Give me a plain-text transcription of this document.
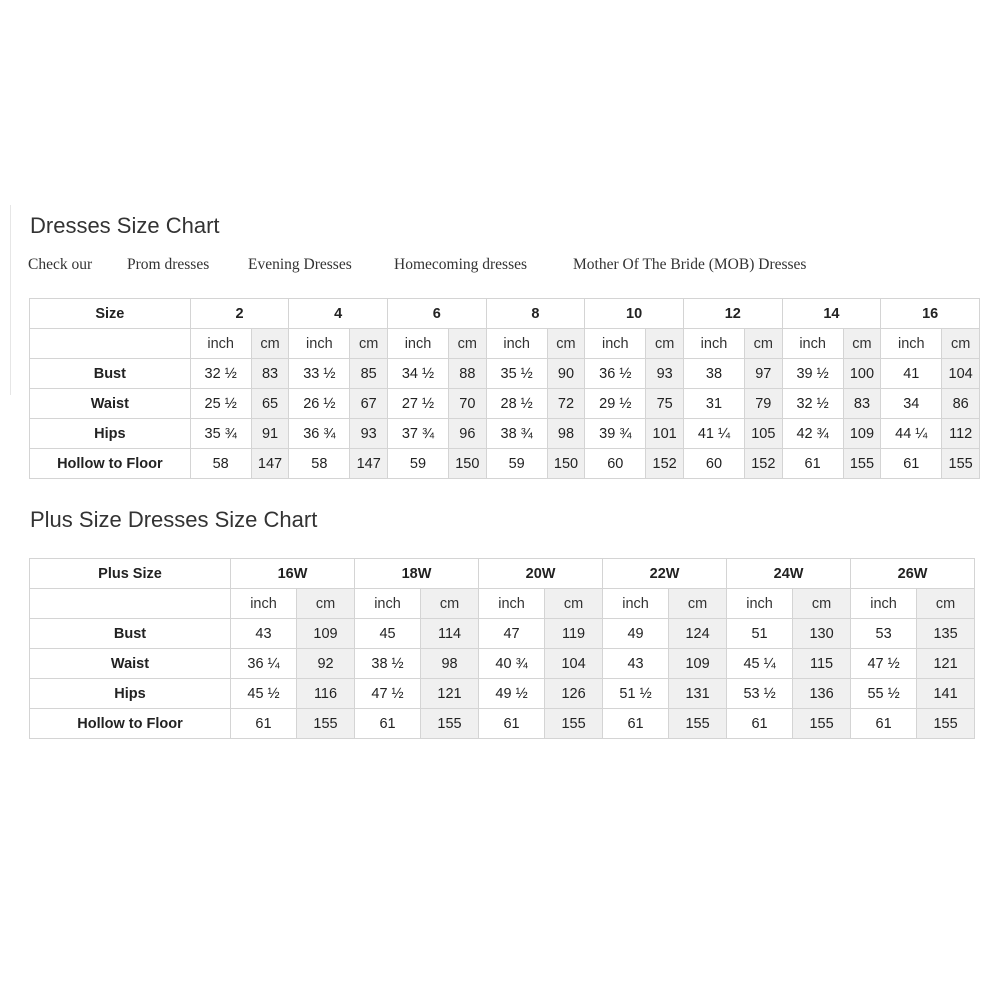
Dresses Size Chart
Check our Prom dresses	Evening Dresses	Homecoming dresses	Mother Of The Bride (MOB) Dresses
Size	2		4		6		8		10		12		14		16	
	inch	cm	inch	cm	inch	cm	inch	cm	inch	cm	inch	cm	inch	cm	inch	cm
Bust	32 ½	83	33 ½	85	34 ½	88	35 ½	90	36 ½	93	38	97	39 ½	100	41	104
Waist	25 ½	65	26 ½	67	27 ½	70	28 ½	72	29 ½	75	31	79	32 ½	83	34	86
Hips	35 ¾	91	36 ¾	93	37 ¾	96	38 ¾	98	39 ¾	101	41 ¼	105	42 ¾	109	44 ¼	112
Hollow to Floor	58	147	58	147	59	150	59	150	60	152	60	152	61	155	61	155
Plus Size Dresses Size Chart
Plus Size	16W		18W		20W		22W		24W		26W	
	inch	cm	inch	cm	inch	cm	inch	cm	inch	cm	inch	cm
Bust	43	109	45	114	47	119	49	124	51	130	53	135
Waist	36 ¼	92	38 ½	98	40 ¾	104	43	109	45 ¼	115	47 ½	121
Hips	45 ½	116	47 ½	121	49 ½	126	51 ½	131	53 ½	136	55 ½	141
Hollow to Floor	61	155	61	155	61	155	61	155	61	155	61	155
